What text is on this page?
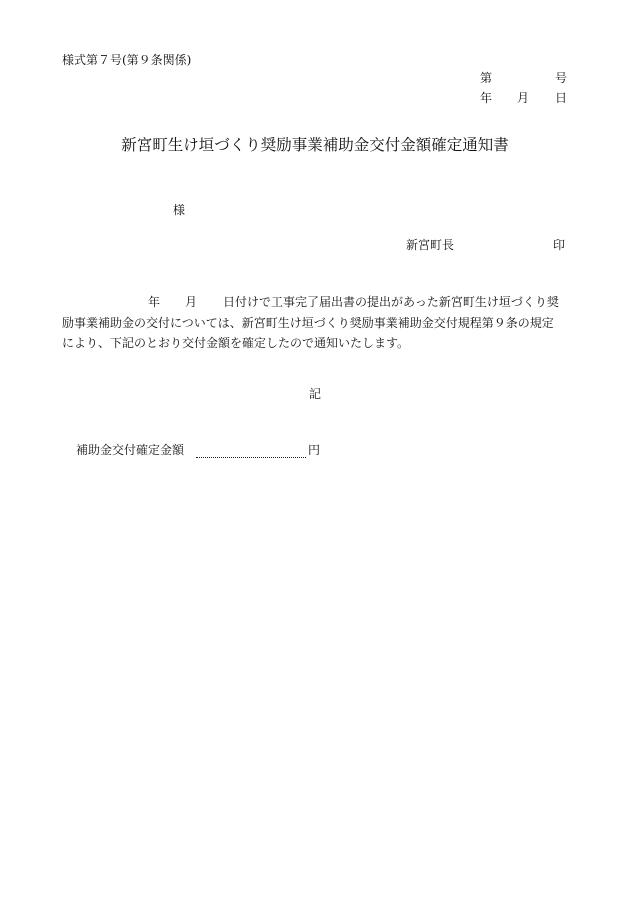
様式第７号(第９条関係)
第	号
年 月 日
新宮町生け垣づくり奨励事業補助金交付金額確定通知書
様
新宮町長	印
年 月 日付けで工事完了届出書の提出があった新宮町生け垣づくり奨
励事業補助金の交付については、新宮町生け垣づくり奨励事業補助金交付規程第９条の規定
により、下記のとおり交付金額を確定したので通知いたします。
記
補助金交付確定金額	円
